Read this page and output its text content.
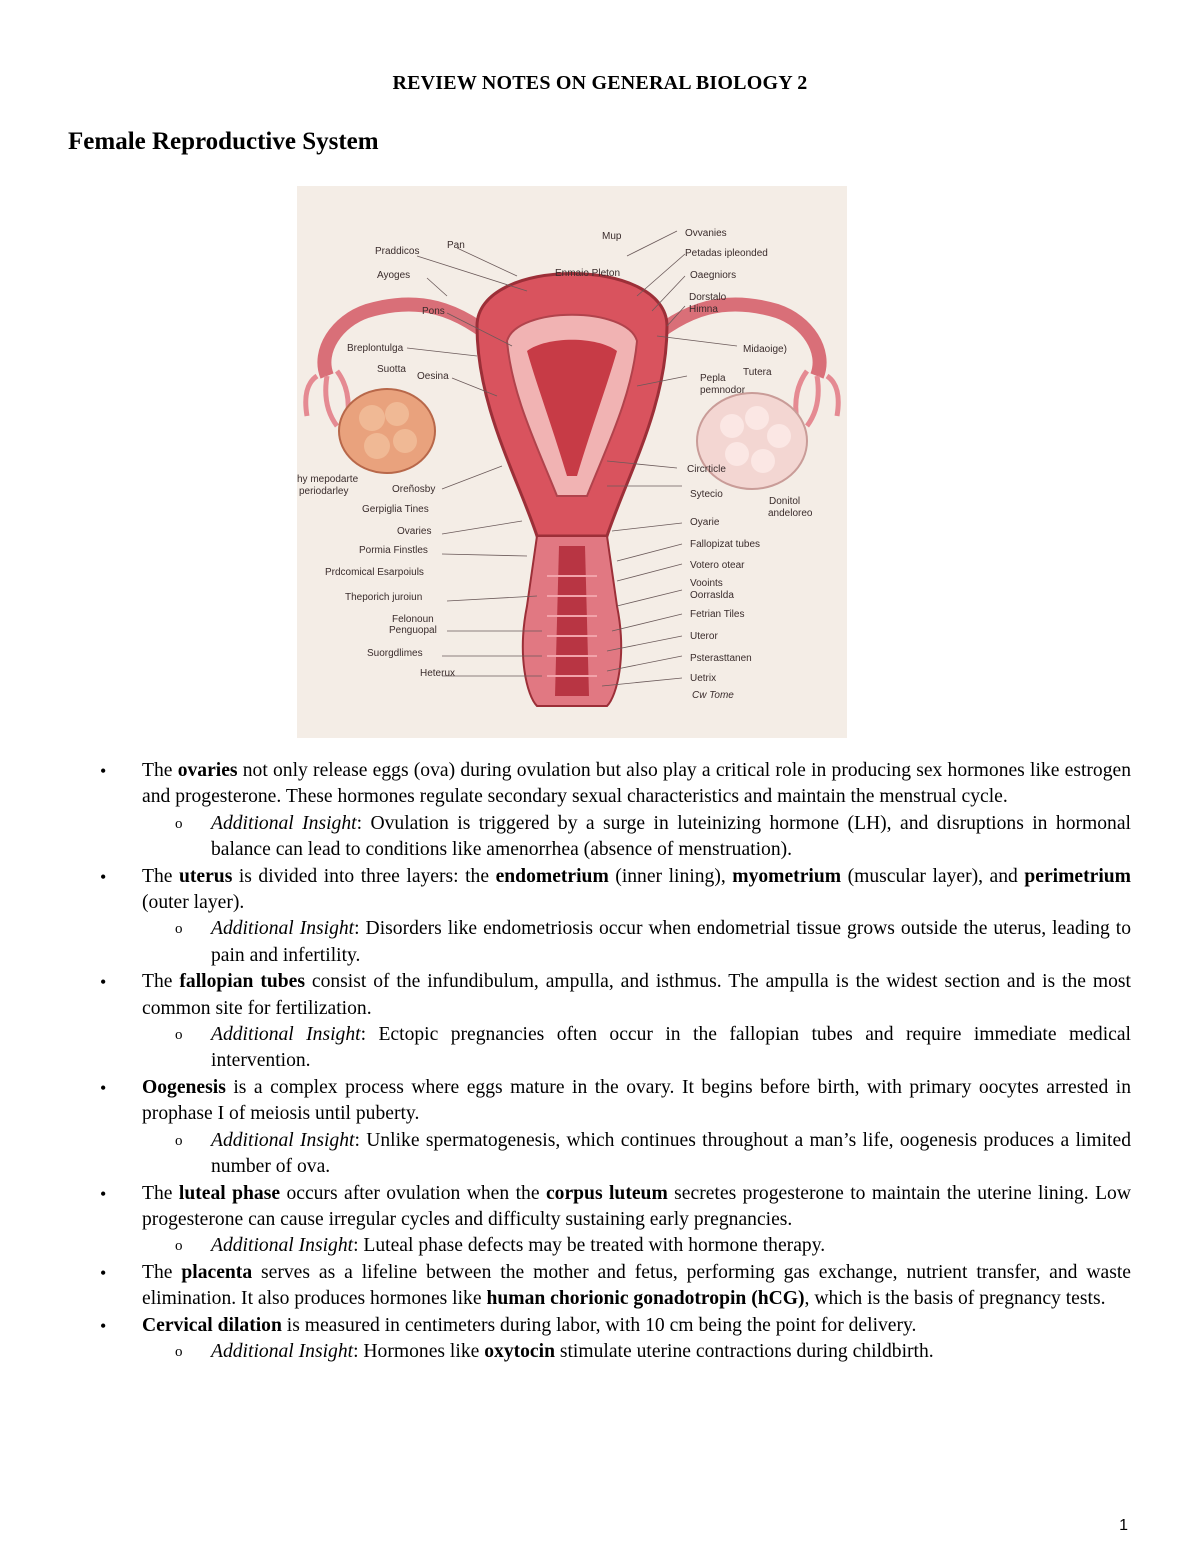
REVIEW NOTES ON GENERAL BIOLOGY 2
Female Reproductive System
Praddicos
Pan
Ayoges
Pons
Breplontulga
Suotta
Oesina
hy mepodarte
periodarley	Oreñosby
Gerpiglia Tines
Ovaries
Pormia Finstles
Prdcomical Esarpoiuls
Theporich juroiun
Felonoun
Penguopal
Suorgdlimes
Heterux
Mup	Ovvanies
Enmaio Pleton
Petadas ipleonded
Oaegniors
Dorstalo
Himna
Midaoige)
Pepla
Tutera
pemnodor
Circrticle
Sytecio
Donitol
andeloreo
Oyarie
Fallopizat tubes
Votero otear
Vooints
Oorraslda
Fetrian Tiles
Uteror
Psterasttanen
Uetrix
Cw Tome
• The ovaries not only release eggs (ova) during ovulation but also play a critical role in producing sex hormones like estrogen and progesterone. These hormones regulate secondary sexual characteristics and maintain the menstrual cycle.
o Additional Insight: Ovulation is triggered by a surge in luteinizing hormone (LH), and disruptions in hormonal balance can lead to conditions like amenorrhea (absence of menstruation).
• The uterus is divided into three layers: the endometrium (inner lining), myometrium (muscular layer), and perimetrium (outer layer).
o Additional Insight: Disorders like endometriosis occur when endometrial tissue grows outside the uterus, leading to pain and infertility.
• The fallopian tubes consist of the infundibulum, ampulla, and isthmus. The ampulla is the widest section and is the most common site for fertilization.
o Additional Insight: Ectopic pregnancies often occur in the fallopian tubes and require immediate medical intervention.
• Oogenesis is a complex process where eggs mature in the ovary. It begins before birth, with primary oocytes arrested in prophase I of meiosis until puberty.
o Additional Insight: Unlike spermatogenesis, which continues throughout a man’s life, oogenesis produces a limited number of ova.
• The luteal phase occurs after ovulation when the corpus luteum secretes progesterone to maintain the uterine lining. Low progesterone can cause irregular cycles and difficulty sustaining early pregnancies.
o Additional Insight: Luteal phase defects may be treated with hormone therapy.
• The placenta serves as a lifeline between the mother and fetus, performing gas exchange, nutrient transfer, and waste elimination. It also produces hormones like human chorionic gonadotropin (hCG), which is the basis of pregnancy tests.
• Cervical dilation is measured in centimeters during labor, with 10 cm being the point for delivery.
o Additional Insight: Hormones like oxytocin stimulate uterine contractions during childbirth.
1
